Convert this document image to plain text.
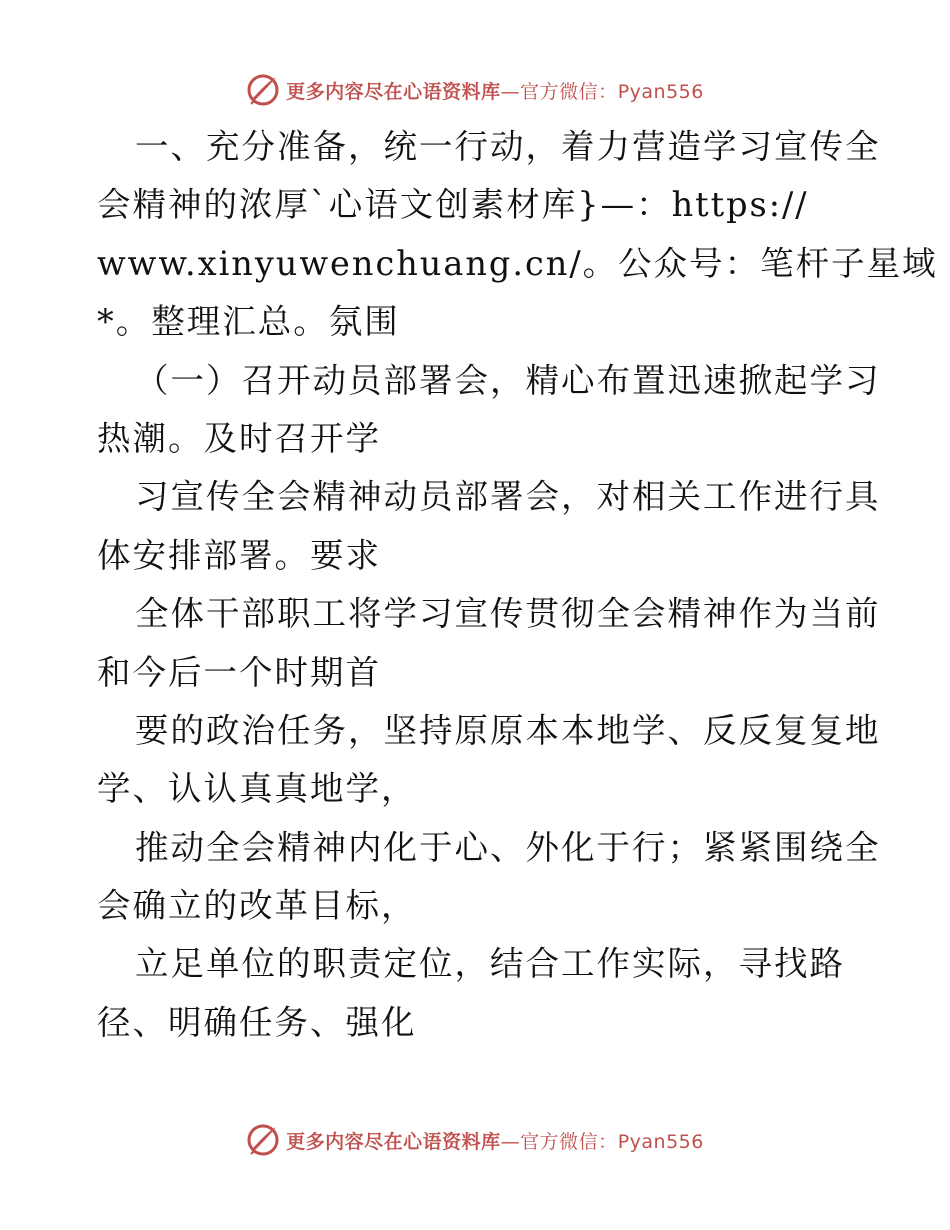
更多内容尽在心语资料库—官方微信：Pyan556
一、充分准备，统一行动，着力营造学习宣传全
会精神的浓厚`心语文创素材库}—：https://
www.xinyuwenchuang.cn/。公众号：笔杆子星域
*。整理汇总。氛围
（一）召开动员部署会，精心布置迅速掀起学习
热潮。及时召开学
习宣传全会精神动员部署会，对相关工作进行具
体安排部署。要求
全体干部职工将学习宣传贯彻全会精神作为当前
和今后一个时期首
要的政治任务，坚持原原本本地学、反反复复地
学、认认真真地学，
推动全会精神内化于心、外化于行；紧紧围绕全
会确立的改革目标，
立足单位的职责定位，结合工作实际，寻找路
径、明确任务、强化
更多内容尽在心语资料库—官方微信：Pyan556
